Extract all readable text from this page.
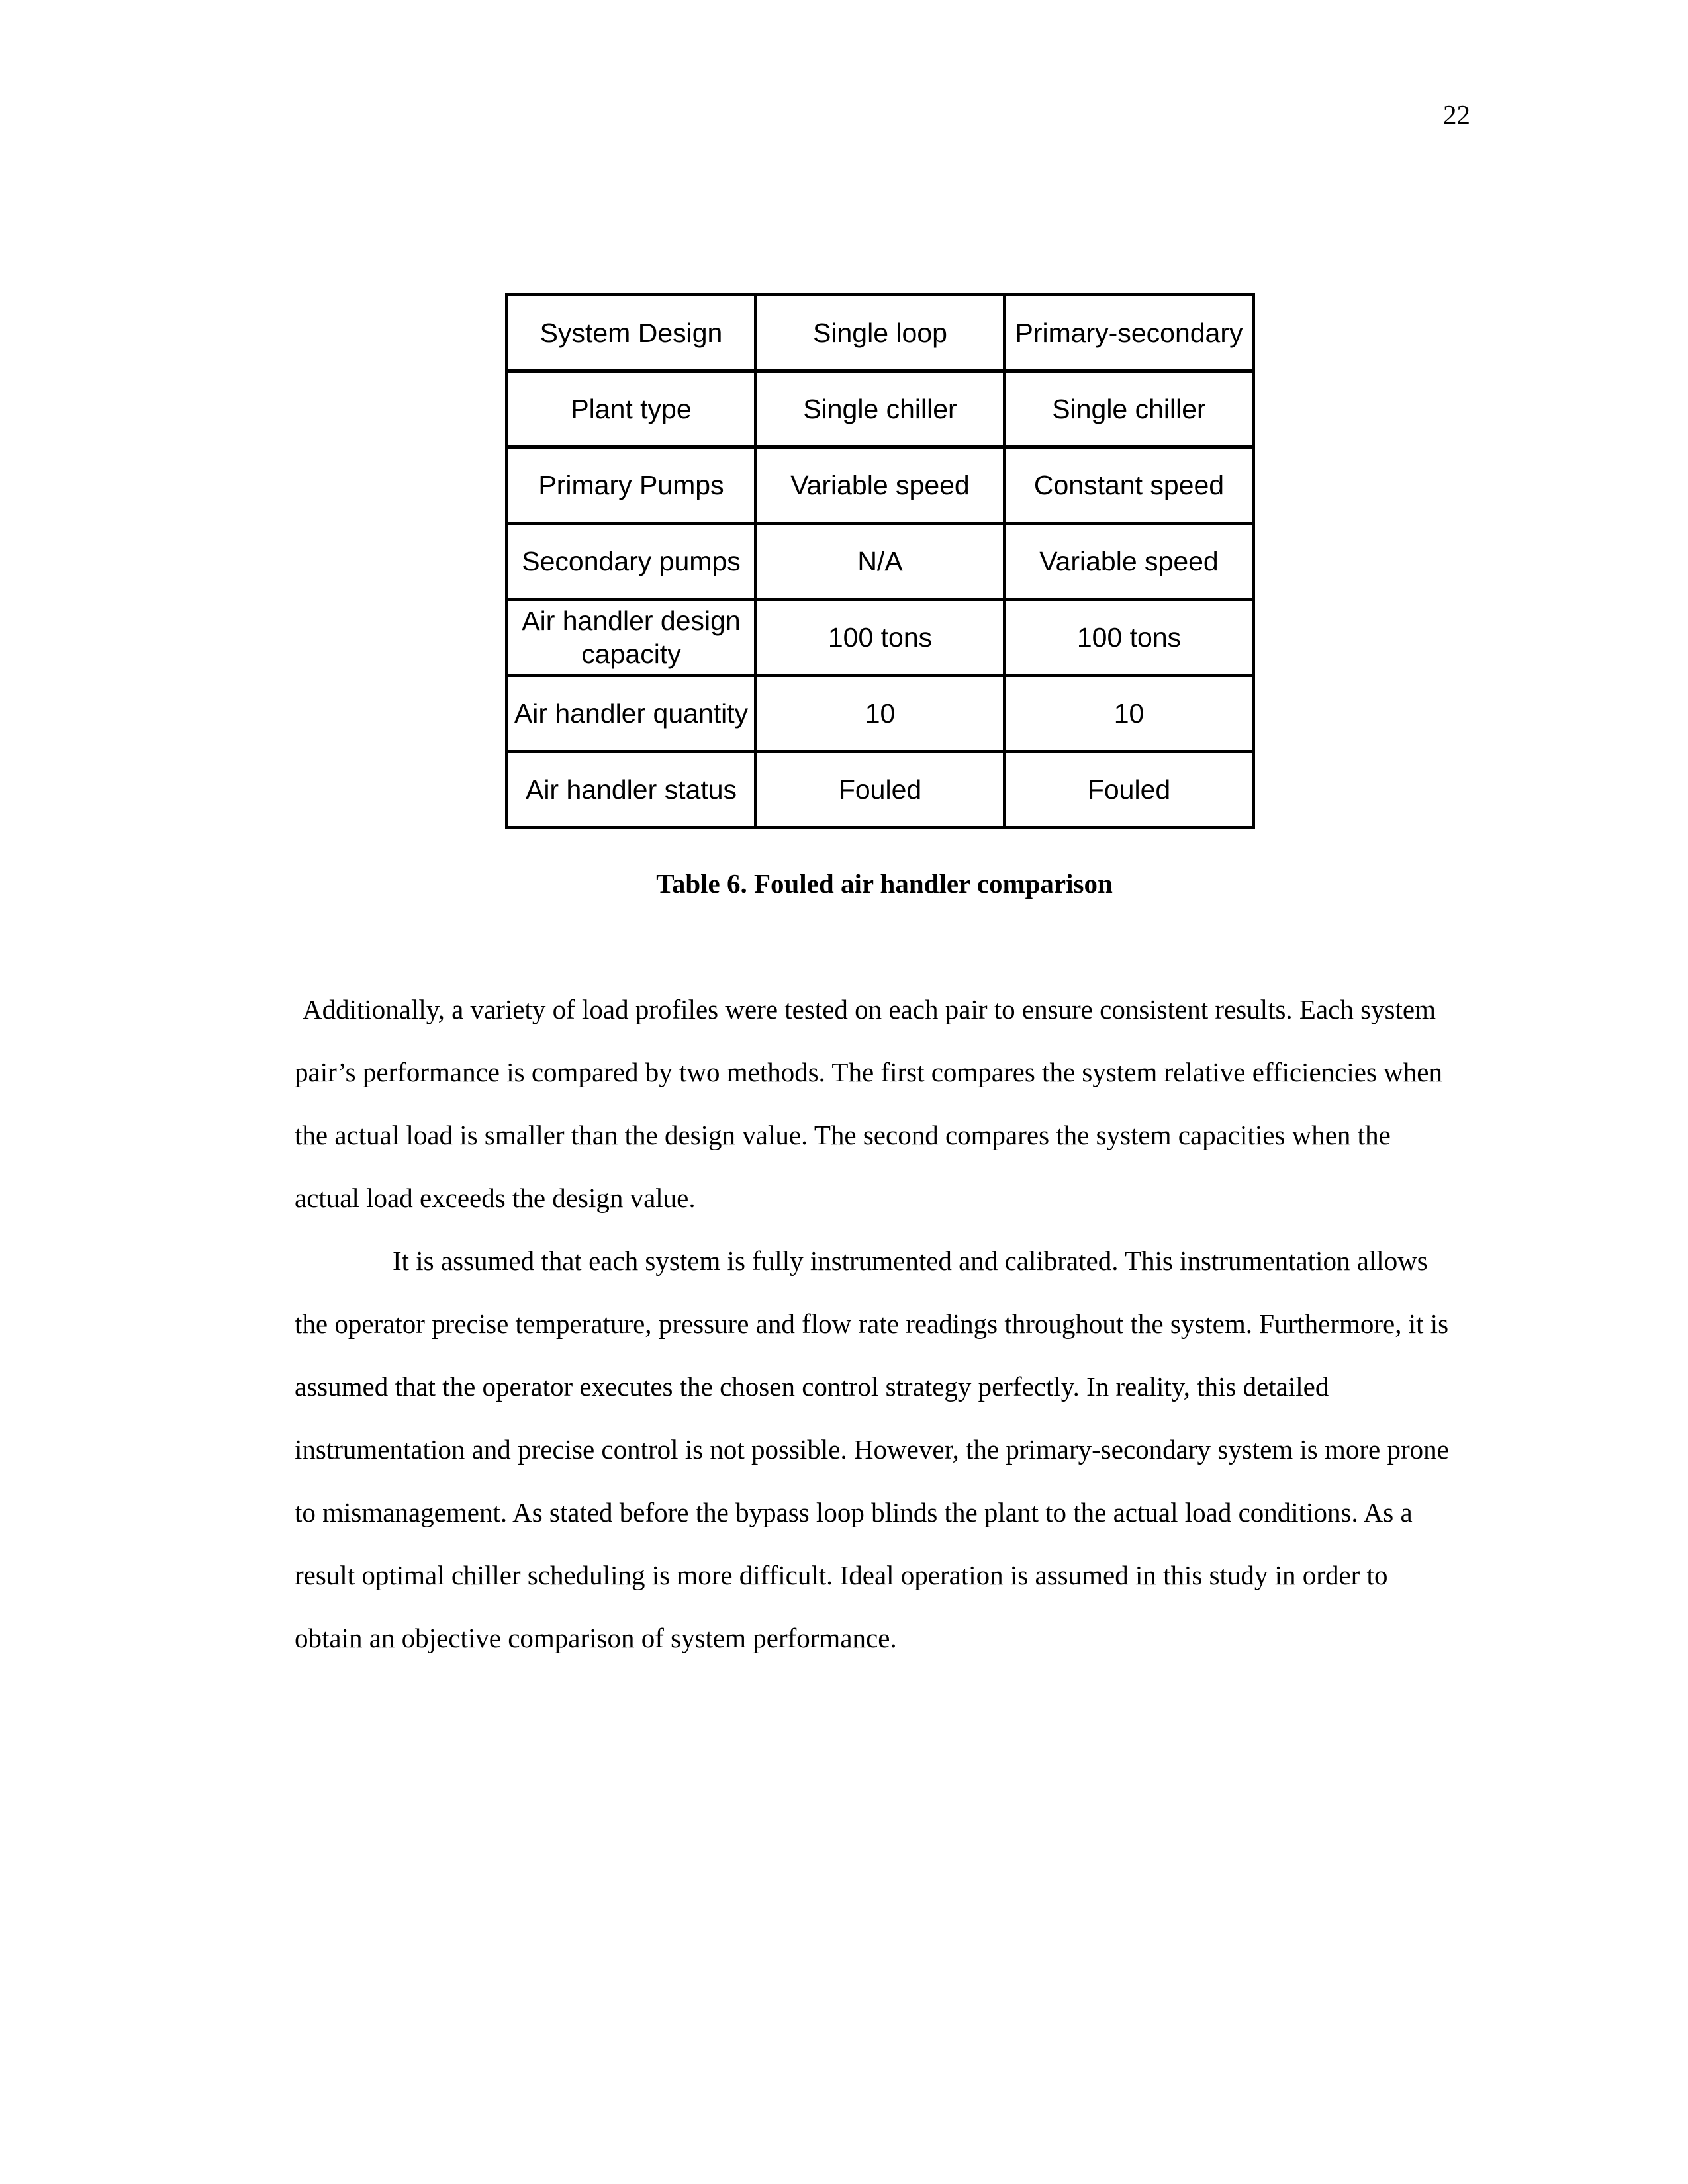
22
System Design	Single loop	Primary-secondary
Plant type	Single chiller	Single chiller
Primary Pumps	Variable speed	Constant speed
Secondary pumps	N/A	Variable speed
Air handler design capacity	100 tons	100 tons
Air handler quantity	10	10
Air handler status	Fouled	Fouled
Table 6. Fouled air handler comparison

Additionally, a variety of load profiles were tested on each pair to ensure consistent results. Each system pair’s performance is compared by two methods. The first compares the system relative efficiencies when the actual load is smaller than the design value. The second compares the system capacities when the actual load exceeds the design value.

It is assumed that each system is fully instrumented and calibrated. This instrumentation allows the operator precise temperature, pressure and flow rate readings throughout the system. Furthermore, it is assumed that the operator executes the chosen control strategy perfectly. In reality, this detailed instrumentation and precise control is not possible. However, the primary-secondary system is more prone to mismanagement. As stated before the bypass loop blinds the plant to the actual load conditions. As a result optimal chiller scheduling is more difficult. Ideal operation is assumed in this study in order to obtain an objective comparison of system performance.
